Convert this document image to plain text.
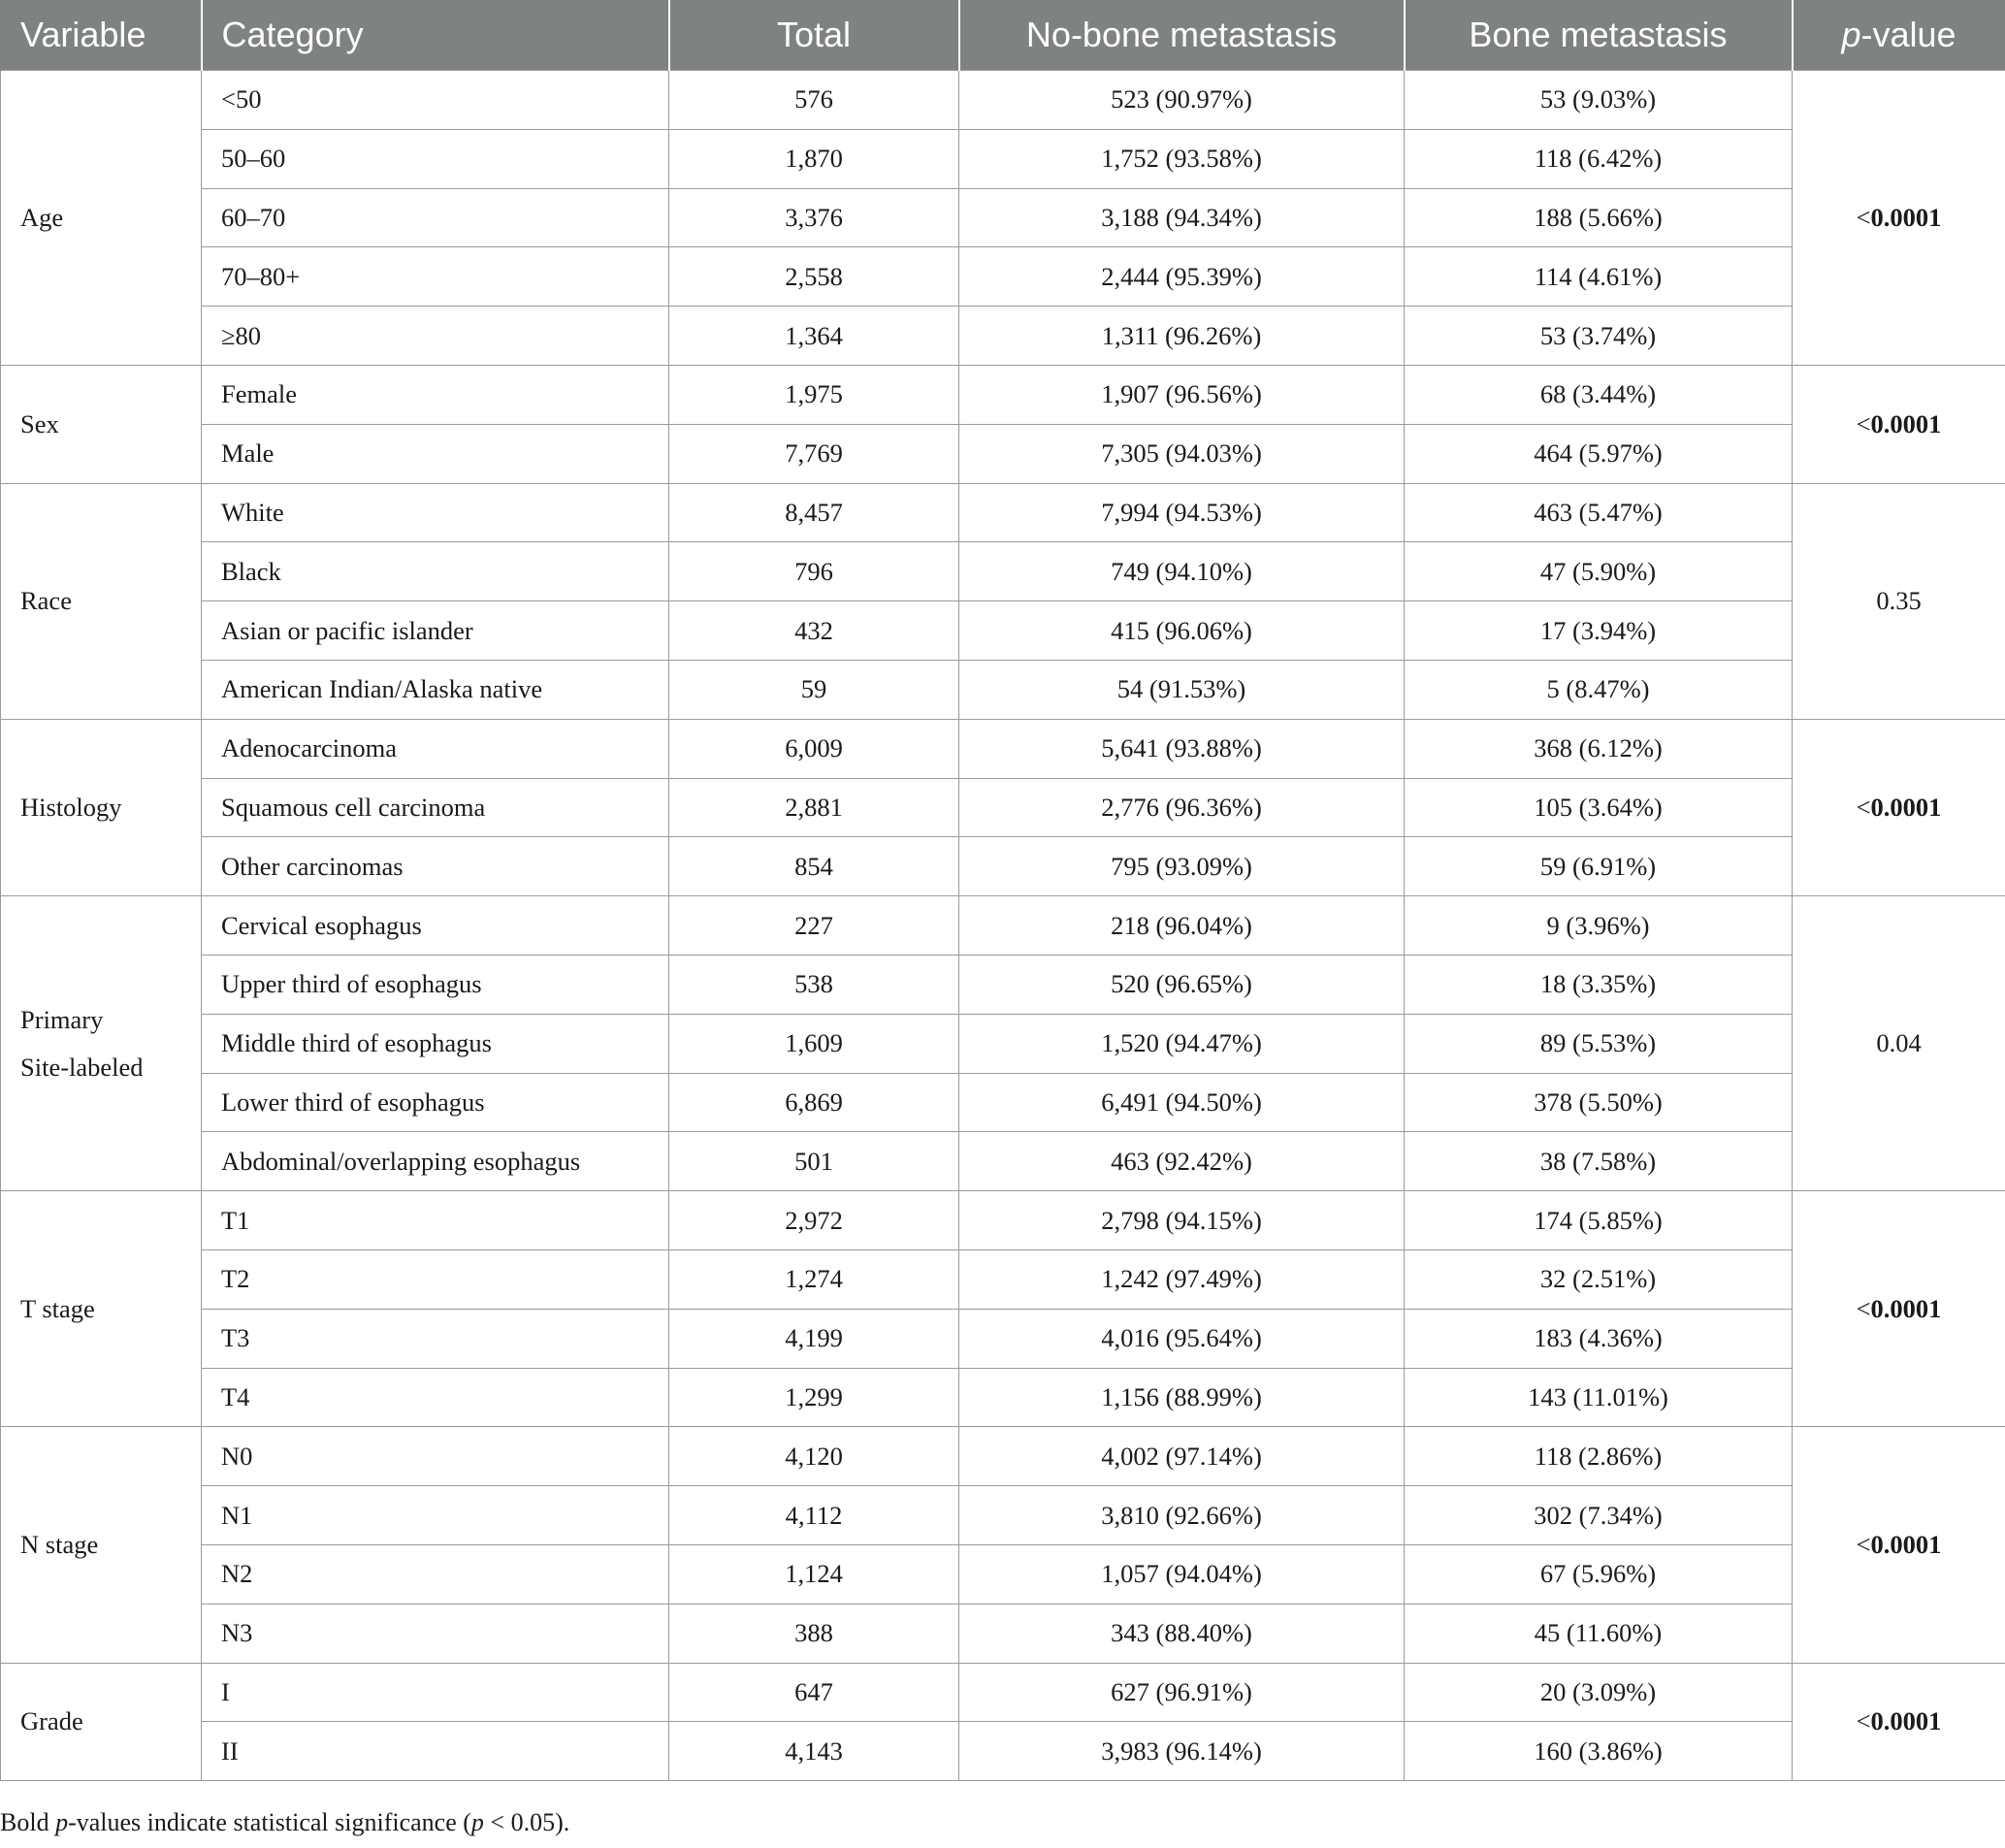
Variable	Category	Total	No-bone metastasis	Bone metastasis	p-value
Age	<50	576	523 (90.97%)	53 (9.03%)	<0.0001
	50–60	1,870	1,752 (93.58%)	118 (6.42%)	
	60–70	3,376	3,188 (94.34%)	188 (5.66%)	
	70–80+	2,558	2,444 (95.39%)	114 (4.61%)	
	≥80	1,364	1,311 (96.26%)	53 (3.74%)	
Sex	Female	1,975	1,907 (96.56%)	68 (3.44%)	<0.0001
	Male	7,769	7,305 (94.03%)	464 (5.97%)	
Race	White	8,457	7,994 (94.53%)	463 (5.47%)	0.35
	Black	796	749 (94.10%)	47 (5.90%)	
	Asian or pacific islander	432	415 (96.06%)	17 (3.94%)	
	American Indian/Alaska native	59	54 (91.53%)	5 (8.47%)	
Histology	Adenocarcinoma	6,009	5,641 (93.88%)	368 (6.12%)	<0.0001
	Squamous cell carcinoma	2,881	2,776 (96.36%)	105 (3.64%)	
	Other carcinomas	854	795 (93.09%)	59 (6.91%)	
Primary
Site-labeled	Cervical esophagus	227	218 (96.04%)	9 (3.96%)	0.04
	Upper third of esophagus	538	520 (96.65%)	18 (3.35%)	
	Middle third of esophagus	1,609	1,520 (94.47%)	89 (5.53%)	
	Lower third of esophagus	6,869	6,491 (94.50%)	378 (5.50%)	
	Abdominal/overlapping esophagus	501	463 (92.42%)	38 (7.58%)	
T stage	T1	2,972	2,798 (94.15%)	174 (5.85%)	<0.0001
	T2	1,274	1,242 (97.49%)	32 (2.51%)	
	T3	4,199	4,016 (95.64%)	183 (4.36%)	
	T4	1,299	1,156 (88.99%)	143 (11.01%)	
N stage	N0	4,120	4,002 (97.14%)	118 (2.86%)	<0.0001
	N1	4,112	3,810 (92.66%)	302 (7.34%)	
	N2	1,124	1,057 (94.04%)	67 (5.96%)	
	N3	388	343 (88.40%)	45 (11.60%)	
Grade	I	647	627 (96.91%)	20 (3.09%)	<0.0001
	II	4,143	3,983 (96.14%)	160 (3.86%)	

Bold p-values indicate statistical significance (p < 0.05).
